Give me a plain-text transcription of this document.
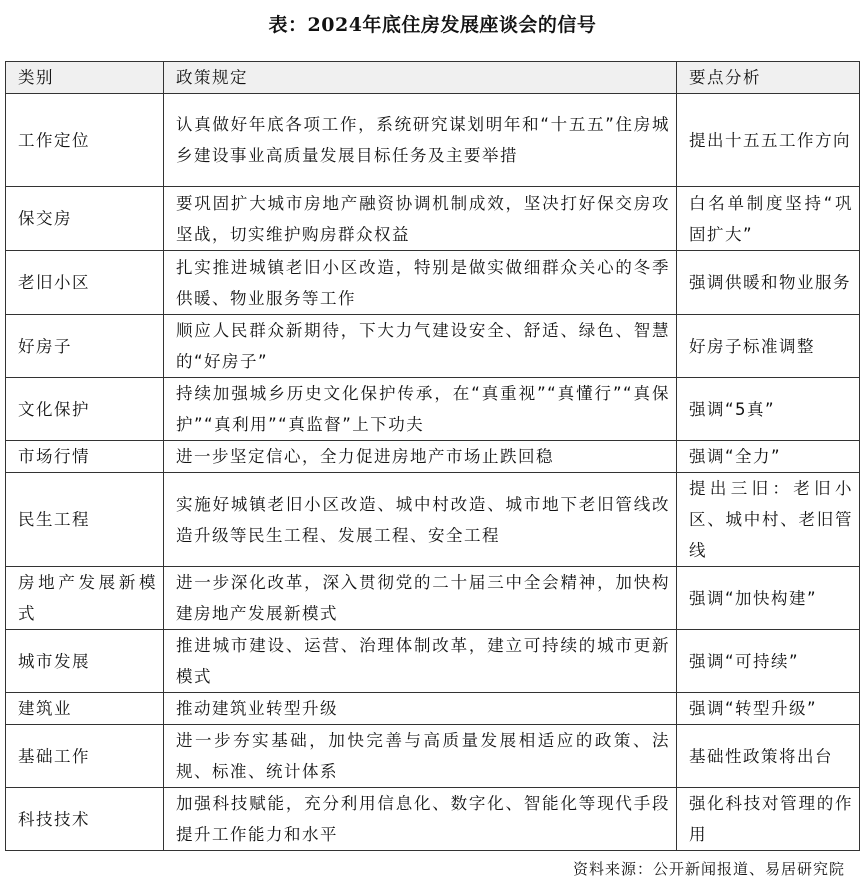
表：2024年底住房发展座谈会的信号
类别	政策规定	要点分析
工作定位	认真做好年底各项工作，系统研究谋划明年和“十五五”住房城乡建设事业高质量发展目标任务及主要举措	提出十五五工作方向
保交房	要巩固扩大城市房地产融资协调机制成效，坚决打好保交房攻坚战，切实维护购房群众权益	白名单制度坚持“巩固扩大”
老旧小区	扎实推进城镇老旧小区改造，特别是做实做细群众关心的冬季供暖、物业服务等工作	强调供暖和物业服务
好房子	顺应人民群众新期待，下大力气建设安全、舒适、绿色、智慧的“好房子”	好房子标准调整
文化保护	持续加强城乡历史文化保护传承，在“真重视”“真懂行”“真保护”“真利用”“真监督”上下功夫	强调“5真”
市场行情	进一步坚定信心，全力促进房地产市场止跌回稳	强调“全力”
民生工程	实施好城镇老旧小区改造、城中村改造、城市地下老旧管线改造升级等民生工程、发展工程、安全工程	提出三旧：老旧小区、城中村、老旧管线
房地产发展新模式	进一步深化改革，深入贯彻党的二十届三中全会精神，加快构建房地产发展新模式	强调“加快构建”
城市发展	推进城市建设、运营、治理体制改革，建立可持续的城市更新模式	强调“可持续”
建筑业	推动建筑业转型升级	强调“转型升级”
基础工作	进一步夯实基础，加快完善与高质量发展相适应的政策、法规、标准、统计体系	基础性政策将出台
科技技术	加强科技赋能，充分利用信息化、数字化、智能化等现代手段提升工作能力和水平	强化科技对管理的作用
资料来源：公开新闻报道、易居研究院
